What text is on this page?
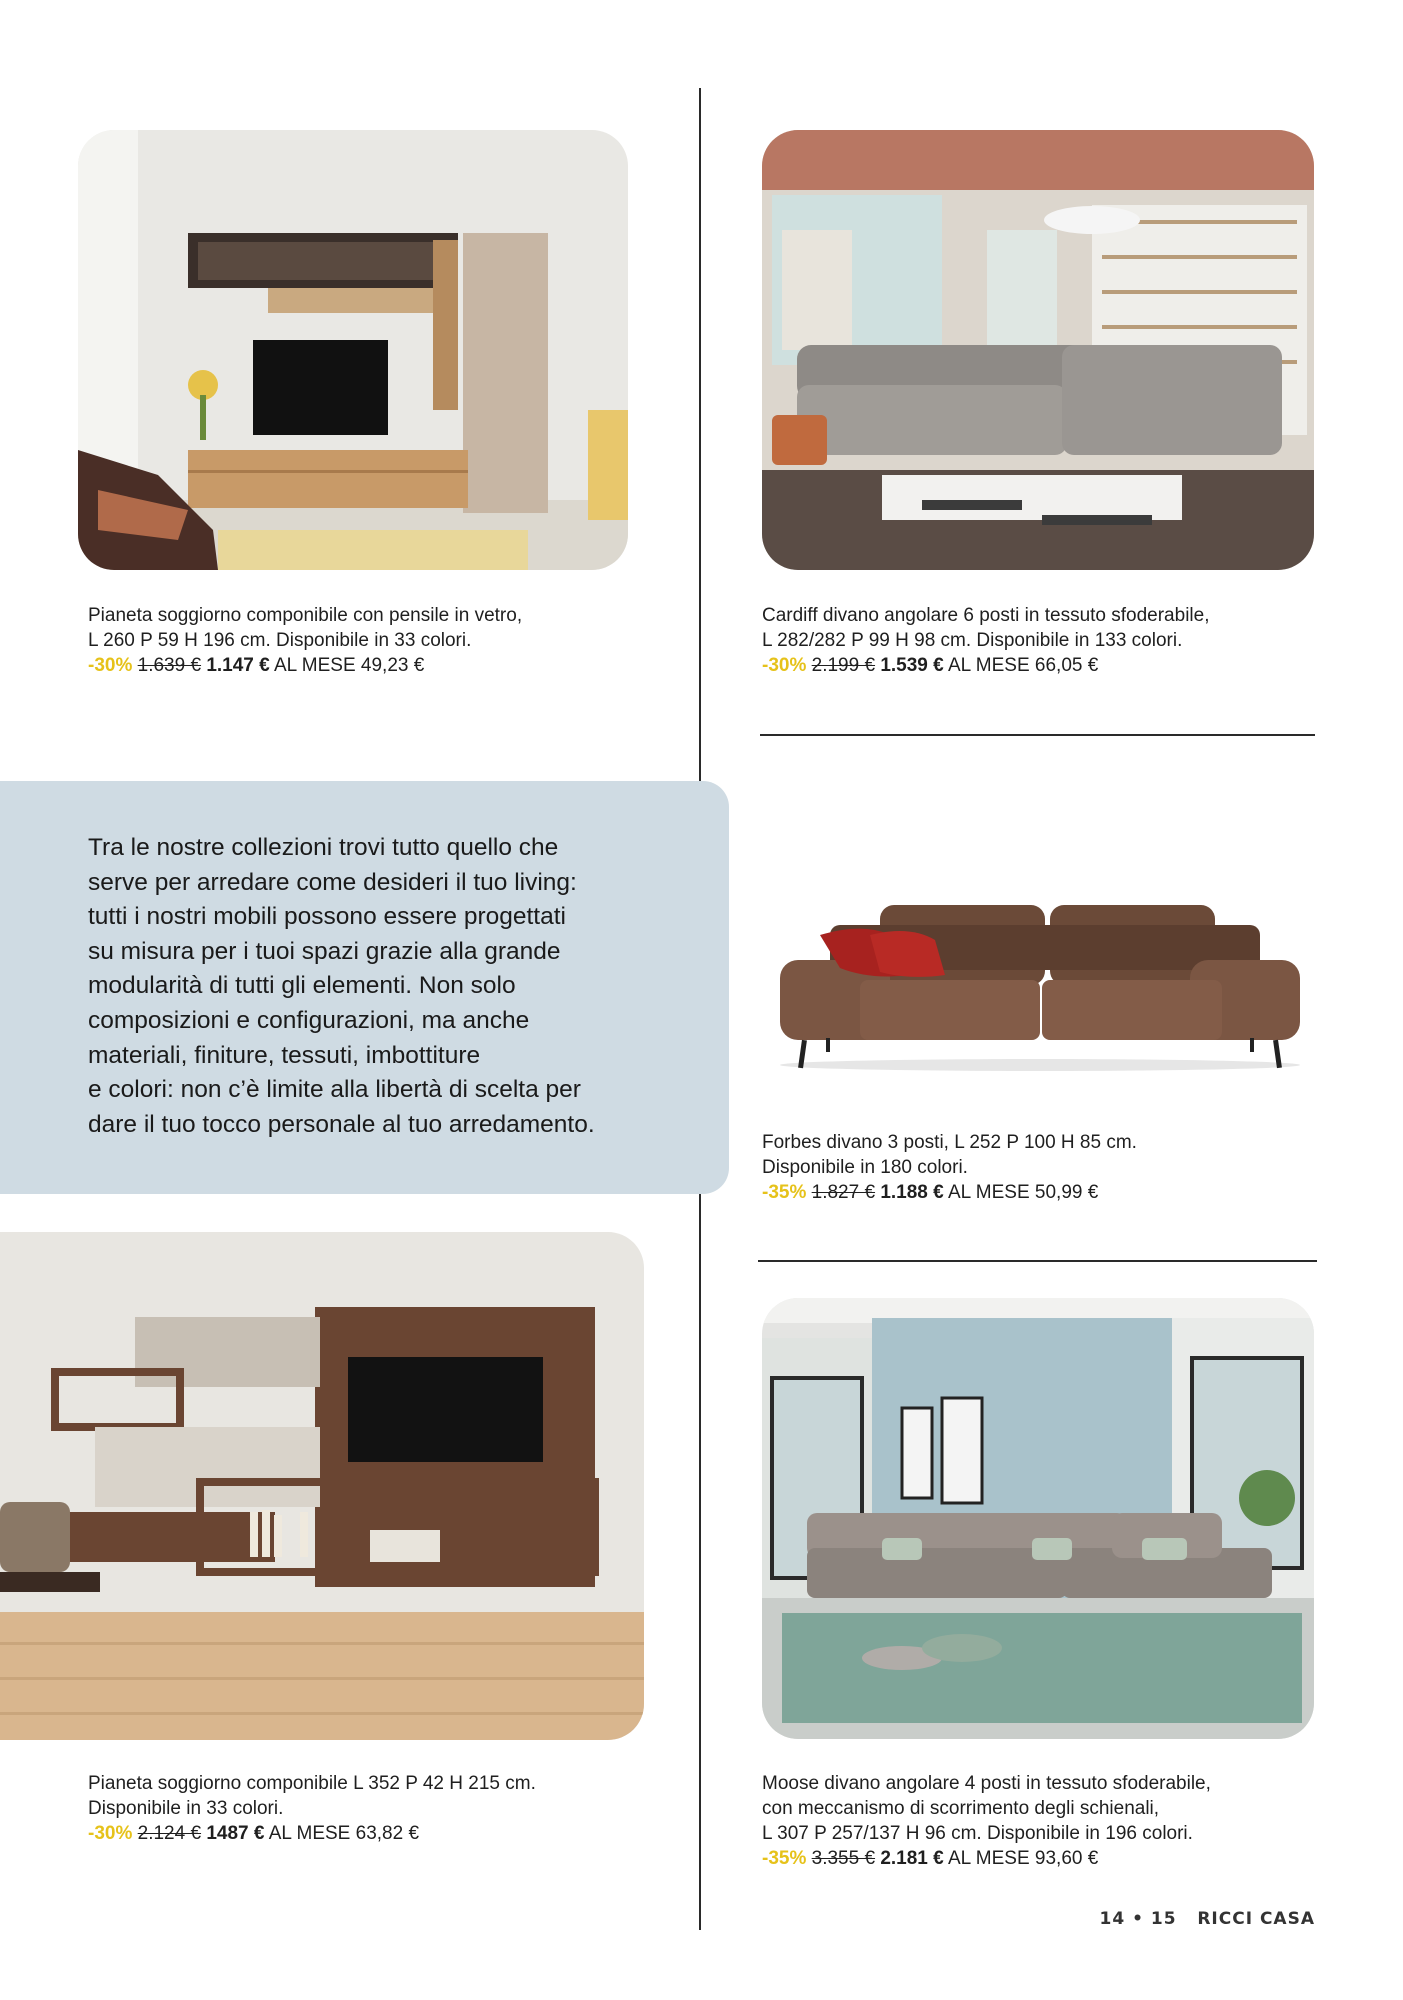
Pianeta soggiorno componibile con pensile in vetro,
L 260 P 59 H 196 cm. Disponibile in 33 colori.
-30% 1.639 € 1.147 € AL MESE 49,23 €
Cardiff divano angolare 6 posti in tessuto sfoderabile,
L 282/282 P 99 H 98 cm. Disponibile in 133 colori.
-30% 2.199 € 1.539 € AL MESE 66,05 €

Tra le nostre collezioni trovi tutto quello che
serve per arredare come desideri il tuo living:
tutti i nostri mobili possono essere progettati
su misura per i tuoi spazi grazie alla grande
modularità di tutti gli elementi. Non solo
composizioni e configurazioni, ma anche
materiali, finiture, tessuti, imbottiture
e colori: non c’è limite alla libertà di scelta per
dare il tuo tocco personale al tuo arredamento.

Forbes divano 3 posti, L 252 P 100 H 85 cm.
Disponibile in 180 colori.
-35% 1.827 € 1.188 € AL MESE 50,99 €
Pianeta soggiorno componibile L 352 P 42 H 215 cm.
Disponibile in 33 colori.
-30% 2.124 € 1487 € AL MESE 63,82 €
Moose divano angolare 4 posti in tessuto sfoderabile,
con meccanismo di scorrimento degli schienali,
L 307 P 257/137 H 96 cm. Disponibile in 196 colori.
-35% 3.355 € 2.181 € AL MESE 93,60 €
14 • 15 RICCI CASA
